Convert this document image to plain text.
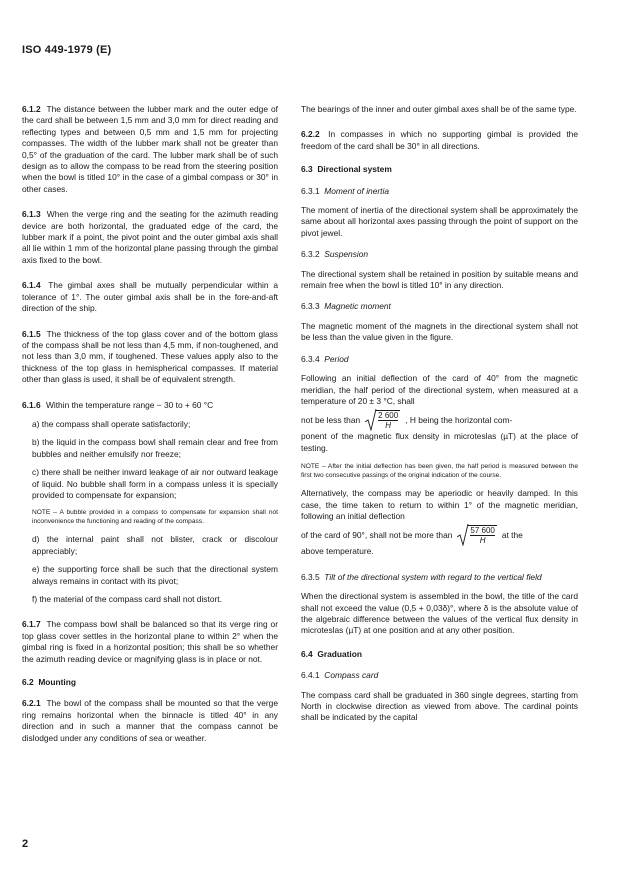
ISO 449-1979 (E)

6.1.2 The distance between the lubber mark and the outer edge of the card shall be between 1,5 mm and 3,0 mm for direct reading and reflecting types and between 0,5 mm and 1,5 mm for projecting compasses. The width of the lubber mark shall not be greater than 0,5° of the graduation of the card. The lubber mark shall be of such design as to allow the compass to be read from the steering position when the bowl is titled 10° in the case of a gimbal compass or 30° in other cases.

6.1.3 When the verge ring and the seating for the azimuth reading device are both horizontal, the graduated edge of the card, the lubber mark if a point, the pivot point and the outer gimbal axis shall all lie within 1 mm of the horizontal plane passing through the gimbal axis fixed to the bowl.

6.1.4 The gimbal axes shall be mutually perpendicular within a tolerance of 1°. The outer gimbal axis shall be in the fore-and-aft direction of the ship.

6.1.5 The thickness of the top glass cover and of the bottom glass of the compass shall be not less than 4,5 mm, if non-toughened, and not less than 3,0 mm, if toughened. These values apply also to the thickness of the top glass in hemispherical compasses. If material other than glass is used, it shall be of equivalent strength.

6.1.6 Within the temperature range − 30 to + 60 °C

a) the compass shall operate satisfactorily;

b) the liquid in the compass bowl shall remain clear and free from bubbles and neither emulsify nor freeze;

c) there shall be neither inward leakage of air nor outward leakage of liquid. No bubble shall form in a compass unless it is specially provided to compensate for expansion;

NOTE – A bubble provided in a compass to compensate for expansion shall not inconvenience the functioning and reading of the compass.

d) the internal paint shall not blister, crack or discolour appreciably;

e) the supporting force shall be such that the directional system always remains in contact with its pivot;

f) the material of the compass card shall not distort.

6.1.7 The compass bowl shall be balanced so that its verge ring or top glass cover settles in the horizontal plane to within 2° when the gimbal ring is fixed in a horizontal position; this shall be so whether the azimuth reading device or magnifying glass is in place or not.

6.2 Mounting

6.2.1 The bowl of the compass shall be mounted so that the verge ring remains horizontal when the binnacle is titled 40° in any direction and in such a manner that the compass cannot be dislodged under any conditions of sea or weather.

The bearings of the inner and outer gimbal axes shall be of the same type.

6.2.2 In compasses in which no supporting gimbal is provided the freedom of the card shall be 30° in all directions.

6.3 Directional system
6.3.1 Moment of inertia

The moment of inertia of the directional system shall be approximately the same about all horizontal axes passing through the point of support on the pivot jewel.

6.3.2 Suspension

The directional system shall be retained in position by suitable means and remain free when the bowl is titled 10° in any direction.

6.3.3 Magnetic moment

The magnetic moment of the magnets in the directional system shall not be less than the value given in the figure.

6.3.4 Period

Following an initial deflection of the card of 40° from the magnetic meridian, the half period of the directional system, when measured at a temperature of 20 ± 3 °C, shall

not be less than $\frac{2 600}{H}$ , H being the horizontal com-

ponent of the magnetic flux density in microteslas (µT) at the place of testing.

NOTE – After the initial deflection has been given, the half period is measured between the first two consecutive passings of the original indication of the course.

Alternatively, the compass may be aperiodic or heavily damped. In this case, the time taken to return to within 1° of the magnetic meridian, following an initial deflection

of the card of 90°, shall not be more than $\frac{57 600}{H}$ at the

above temperature.

6.3.5 Tilt of the directional system with regard to the vertical field

When the directional system is assembled in the bowl, the title of the card shall not exceed the value (0,5 + 0,03δ)°, where δ is the absolute value of the algebraic difference between the values of the vertical flux density in microteslas (µT) at one position and at any other position.

6.4 Graduation
6.4.1 Compass card

The compass card shall be graduated in 360 single degrees, starting from North in clockwise direction as viewed from above. The cardinal points shall be indicated by the capital

2
